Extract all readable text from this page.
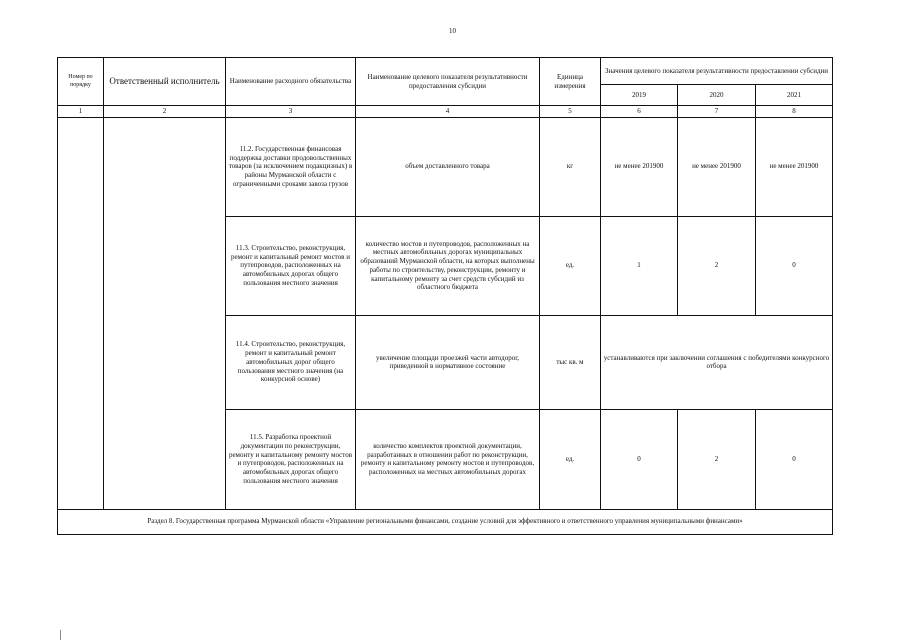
10
Номер по порядку	Ответственный исполнитель	Наименование расходного обязательства	Наименование целевого показателя результативности предоставления субсидии	Единица измерения	Значения целевого показателя результативности предоставлении субсидии		
					2019	2020	2021
1	2	3	4	5	6	7	8
		11.2. Государственная финансовая поддержка доставки продовольственных товаров (за исключением подакцизных) в районы Мурманской области с ограниченными сроками завоза грузов	объем доставленного товара	кг	не менее 201900	не менее 201900	не менее 201900
		11.3. Строительство, реконструкция, ремонт и капитальный ремонт мостов и путепроводов, расположенных на автомобильных дорогах общего пользования местного значения	количество мостов и путепроводов, расположенных на местных автомобильных дорогах муниципальных образований Мурманской области, на которых выполнены работы по строительству, реконструкции, ремонту и капитальному ремонту за счет средств субсидий из областного бюджета	ед.	1	2	0
		11.4. Строительство, реконструкция, ремонт и капитальный ремонт автомобильных дорог общего пользования местного значения (на конкурсной основе)	увеличение площади проезжей части автодорог, приведенной в нормативное состояние	тыс кв. м	устанавливаются при заключении соглашения с победителями конкурсного отбора		
		11.5. Разработка проектной документации по реконструкции, ремонту и капитальному ремонту мостов и путепроводов, расположенных на автомобильных дорогах общего пользования местного значения	количество комплектов проектной документации, разработанных в отношении работ по реконструкции, ремонту и капитальному ремонту мостов и путепроводов, расположенных на местных автомобильных дорогах	ед.	0	2	0
Раздел 8. Государственная программа Мурманской области «Управление региональными финансами, создание условий для эффективного и ответственного управления муниципальными финансами»							
